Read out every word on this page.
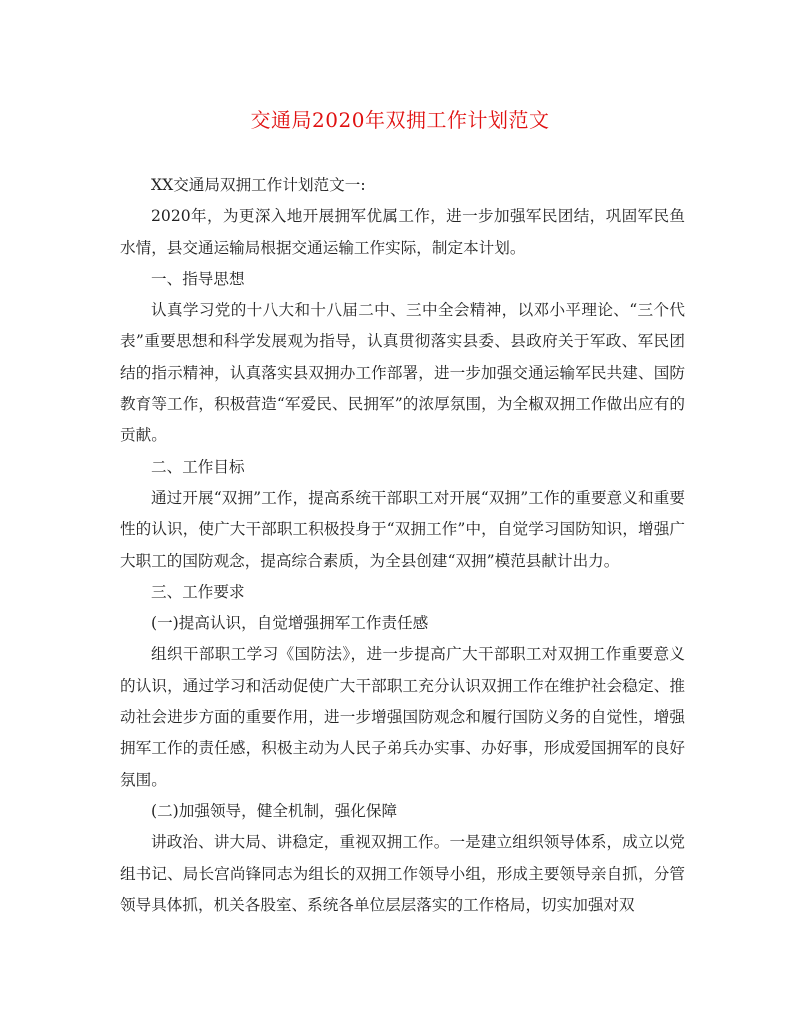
交通局2020年双拥工作计划范文

XX交通局双拥工作计划范文一:

2020年，为更深入地开展拥军优属工作，进一步加强军民团结，巩固军民鱼水情，县交通运输局根据交通运输工作实际，制定本计划。

一、指导思想

认真学习党的十八大和十八届二中、三中全会精神，以邓小平理论、“三个代表”重要思想和科学发展观为指导，认真贯彻落实县委、县政府关于军政、军民团结的指示精神，认真落实县双拥办工作部署，进一步加强交通运输军民共建、国防教育等工作，积极营造“军爱民、民拥军”的浓厚氛围，为全椒双拥工作做出应有的贡献。

二、工作目标

通过开展“双拥”工作，提高系统干部职工对开展“双拥”工作的重要意义和重要性的认识，使广大干部职工积极投身于“双拥工作”中，自觉学习国防知识，增强广大职工的国防观念，提高综合素质，为全县创建“双拥”模范县献计出力。

三、工作要求

(一)提高认识，自觉增强拥军工作责任感

组织干部职工学习《国防法》，进一步提高广大干部职工对双拥工作重要意义的认识，通过学习和活动促使广大干部职工充分认识双拥工作在维护社会稳定、推动社会进步方面的重要作用，进一步增强国防观念和履行国防义务的自觉性，增强拥军工作的责任感，积极主动为人民子弟兵办实事、办好事，形成爱国拥军的良好氛围。

(二)加强领导，健全机制，强化保障

讲政治、讲大局、讲稳定，重视双拥工作。一是建立组织领导体系，成立以党组书记、局长宫尚锋同志为组长的双拥工作领导小组，形成主要领导亲自抓，分管领导具体抓，机关各股室、系统各单位层层落实的工作格局，切实加强对双
